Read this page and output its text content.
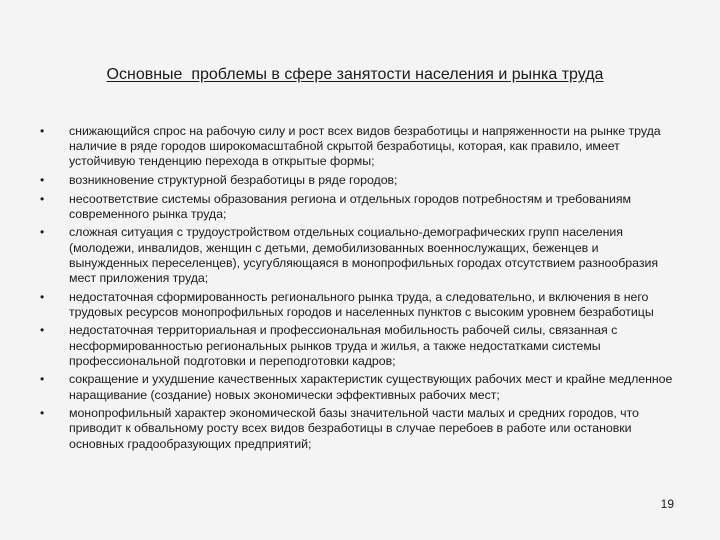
Основные  проблемы в сфере занятости населения и рынка труда
• снижающийся спрос на рабочую силу и рост всех видов безработицы и напряженности на рынке труда наличие в ряде городов широкомасштабной скрытой безработицы, которая, как правило, имеет устойчивую тенденцию перехода в открытые формы;
• возникновение структурной безработицы в ряде городов;
• несоответствие системы образования региона и отдельных городов потребностям и требованиям современного рынка труда;
• сложная ситуация с трудоустройством отдельных социально-демографических групп населения (молодежи, инвалидов, женщин с детьми, демобилизованных военнослужащих, беженцев и вынужденных переселенцев), усугубляющаяся в монопрофильных городах отсутствием разнообразия мест приложения труда;
• недостаточная сформированность регионального рынка труда, а следовательно, и включения в него трудовых ресурсов монопрофильных городов и населенных пунктов с высоким уровнем безработицы
• недостаточная территориальная и профессиональная мобильность рабочей силы, связанная с несформированностью региональных рынков труда и жилья, а также недостатками системы профессиональной подготовки и переподготовки кадров;
• сокращение и ухудшение качественных характеристик существующих рабочих мест и крайне медленное наращивание (создание) новых экономически эффективных рабочих мест;
• монопрофильный характер экономической базы значительной части малых и средних городов, что приводит к обвальному росту всех видов безработицы в случае перебоев в работе или остановки основных градообразующих предприятий;
19
